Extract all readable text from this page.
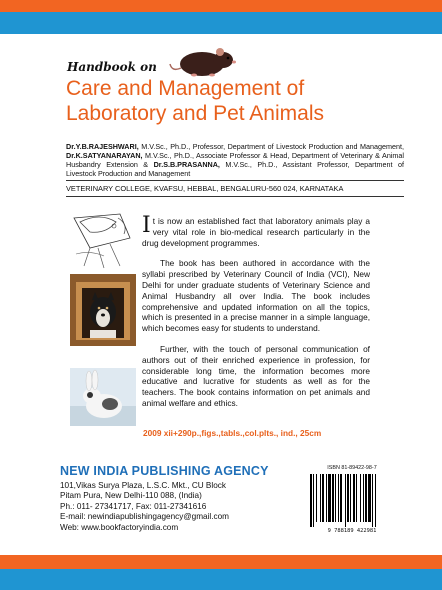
Handbook on
Care and Management of
Laboratory and Pet Animals
Dr.Y.B.RAJESHWARI, M.V.Sc., Ph.D., Professor, Department of Livestock Production and Management, Dr.K.SATYANARAYAN, M.V.Sc., Ph.D., Associate Professor & Head, Department of Veterinary & Animal Husbandry Extension & Dr.S.B.PRASANNA, M.V.Sc., Ph.D., Assistant Professor, Department of Livestock Production and Management
VETERINARY COLLEGE, KVAFSU, HEBBAL, BENGALURU-560 024, KARNATAKA

It is now an established fact that laboratory animals play a very vital role in bio-medical research particularly in the drug development programmes.

The book has been authored in accordance with the syllabi prescribed by Veterinary Council of India (VCI), New Delhi for under graduate students of Veterinary Science and Animal Husbandry all over India. The book includes comprehensive and updated information on all the topics, which is presented in a precise manner in a simple language, which becomes easy for students to understand.

Further, with the touch of personal communication of authors out of their enriched experience in profession, for considerable long time, the information becomes more educative and lucrative for students as well as for the teachers. The book contains information on pet animals and animal welfare and ethics.

2009 xii+290p.,figs.,tabls.,col.plts., ind., 25cm
NEW INDIA PUBLISHING AGENCY
101,Vikas Surya Plaza, L.S.C. Mkt., CU Block
Pitam Pura, New Delhi-110 088, (India)
Ph.: 011- 27341717, Fax: 011-27341616
E-mail: newindiapublishingagency@gmail.com
Web: www.bookfactoryindia.com
ISBN 81-89422-98-7
9 788189 422981
